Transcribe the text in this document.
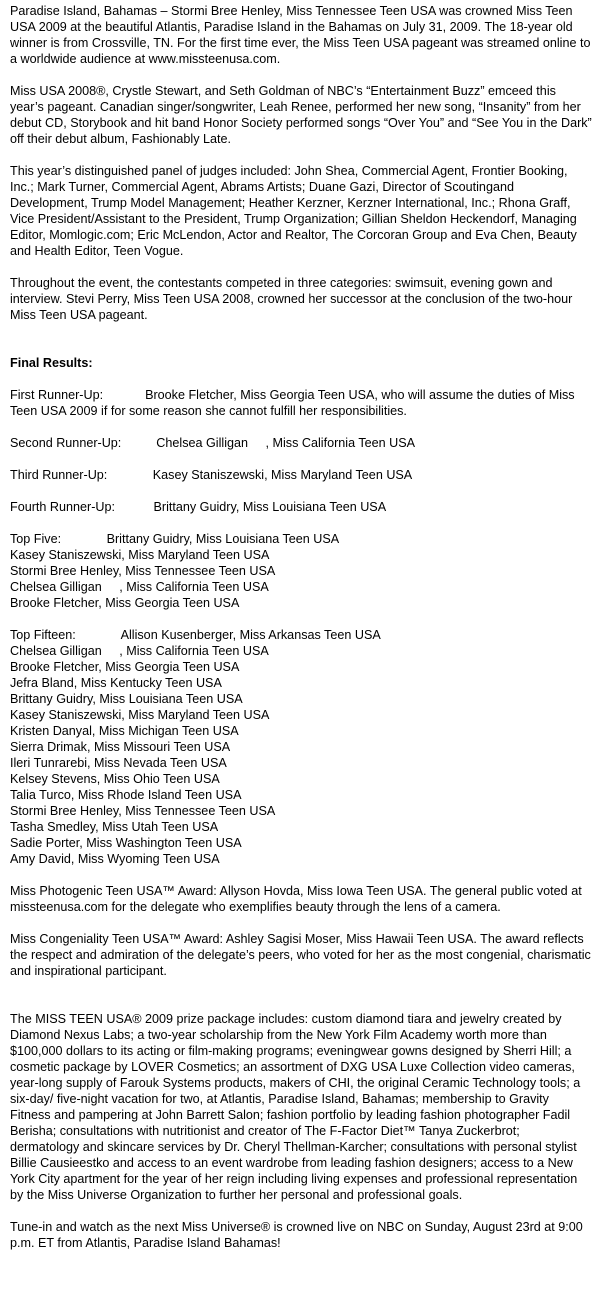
Paradise Island, Bahamas – Stormi Bree Henley, Miss Tennessee Teen USA was crowned Miss Teen USA 2009 at the beautiful Atlantis, Paradise Island in the Bahamas on July 31, 2009. The 18-year old winner is from Crossville, TN. For the first time ever, the Miss Teen USA pageant was streamed online to a worldwide audience at www.missteenusa.com.

Miss USA 2008®, Crystle Stewart, and Seth Goldman of NBC’s “Entertainment Buzz” emceed this year’s pageant. Canadian singer/songwriter, Leah Renee, performed her new song, “Insanity” from her debut CD, Storybook and hit band Honor Society performed songs “Over You” and “See You in the Dark” off their debut album, Fashionably Late.

This year’s distinguished panel of judges included: John Shea, Commercial Agent, Frontier Booking, Inc.; Mark Turner, Commercial Agent, Abrams Artists; Duane Gazi, Director of Scoutingand Development, Trump Model Management; Heather Kerzner, Kerzner International, Inc.; Rhona Graff, Vice President/Assistant to the President, Trump Organization; Gillian Sheldon Heckendorf, Managing Editor, Momlogic.com; Eric McLendon, Actor and Realtor, The Corcoran Group and Eva Chen, Beauty and Health Editor, Teen Vogue.

Throughout the event, the contestants competed in three categories: swimsuit, evening gown and interview. Stevi Perry, Miss Teen USA 2008, crowned her successor at the conclusion of the two-hour Miss Teen USA pageant.

Final Results:

First Runner-Up:            Brooke Fletcher, Miss Georgia Teen USA, who will assume the duties of Miss Teen USA 2009 if for some reason she cannot fulfill her responsibilities.

Second Runner-Up:          Chelsea Gilligan     , Miss California Teen USA

Third Runner-Up:             Kasey Staniszewski, Miss Maryland Teen USA

Fourth Runner-Up:           Brittany Guidry, Miss Louisiana Teen USA

Top Five:             Brittany Guidry, Miss Louisiana Teen USA
Kasey Staniszewski, Miss Maryland Teen USA
Stormi Bree Henley, Miss Tennessee Teen USA
Chelsea Gilligan     , Miss California Teen USA
Brooke Fletcher, Miss Georgia Teen USA
Top Fifteen:             Allison Kusenberger, Miss Arkansas Teen USA
Chelsea Gilligan     , Miss California Teen USA
Brooke Fletcher, Miss Georgia Teen USA
Jefra Bland, Miss Kentucky Teen USA
Brittany Guidry, Miss Louisiana Teen USA
Kasey Staniszewski, Miss Maryland Teen USA
Kristen Danyal, Miss Michigan Teen USA
Sierra Drimak, Miss Missouri Teen USA
Ileri Tunrarebi, Miss Nevada Teen USA
Kelsey Stevens, Miss Ohio Teen USA
Talia Turco, Miss Rhode Island Teen USA
Stormi Bree Henley, Miss Tennessee Teen USA
Tasha Smedley, Miss Utah Teen USA
Sadie Porter, Miss Washington Teen USA
Amy David, Miss Wyoming Teen USA

Miss Photogenic Teen USA™ Award: Allyson Hovda, Miss Iowa Teen USA. The general public voted at missteenusa.com for the delegate who exemplifies beauty through the lens of a camera.

Miss Congeniality Teen USA™ Award: Ashley Sagisi Moser, Miss Hawaii Teen USA. The award reflects the respect and admiration of the delegate’s peers, who voted for her as the most congenial, charismatic and inspirational participant.

The MISS TEEN USA® 2009 prize package includes: custom diamond tiara and jewelry created by Diamond Nexus Labs; a two-year scholarship from the New York Film Academy worth more than $100,000 dollars to its acting or film-making programs; eveningwear gowns designed by Sherri Hill; a cosmetic package by LOVER Cosmetics; an assortment of DXG USA Luxe Collection video cameras, year-long supply of Farouk Systems products, makers of CHI, the original Ceramic Technology tools; a six-day/ five-night vacation for two, at Atlantis, Paradise Island, Bahamas; membership to Gravity Fitness and pampering at John Barrett Salon; fashion portfolio by leading fashion photographer Fadil Berisha; consultations with nutritionist and creator of The F-Factor Diet™ Tanya Zuckerbrot; dermatology and skincare services by Dr. Cheryl Thellman-Karcher; consultations with personal stylist Billie Causieestko and access to an event wardrobe from leading fashion designers; access to a New York City apartment for the year of her reign including living expenses and professional representation by the Miss Universe Organization to further her personal and professional goals.

Tune-in and watch as the next Miss Universe® is crowned live on NBC on Sunday, August 23rd at 9:00 p.m. ET from Atlantis, Paradise Island Bahamas!
